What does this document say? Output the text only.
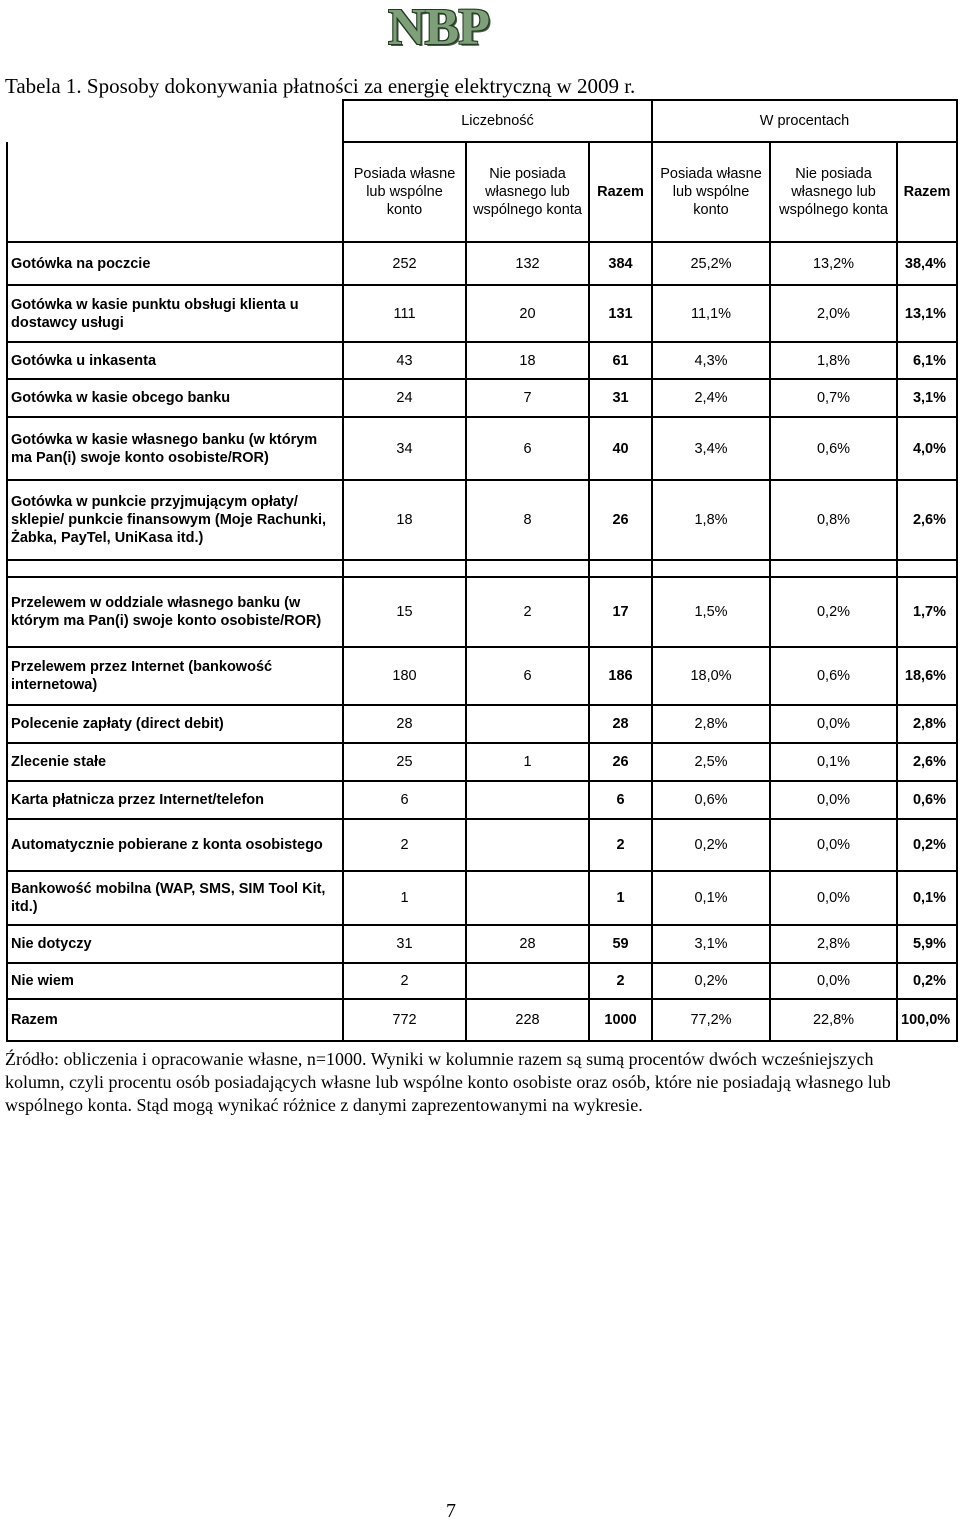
NBP
Tabela 1. Sposoby dokonywania płatności za energię elektryczną w 2009 r.
	Liczebność			W procentach		
	Posiada własne lub wspólne konto	Nie posiada własnego lub wspólnego konta	Razem	Posiada własne lub wspólne konto	Nie posiada własnego lub wspólnego konta	Razem
Gotówka na poczcie	252	132	384	25,2%	13,2%	38,4%
Gotówka w kasie punktu obsługi klienta u dostawcy usługi	111	20	131	11,1%	2,0%	13,1%
Gotówka u inkasenta	43	18	61	4,3%	1,8%	6,1%
Gotówka w kasie obcego banku	24	7	31	2,4%	0,7%	3,1%
Gotówka w kasie własnego banku (w którym ma Pan(i) swoje konto osobiste/ROR)	34	6	40	3,4%	0,6%	4,0%
Gotówka w punkcie przyjmującym opłaty/ sklepie/ punkcie finansowym (Moje Rachunki, Żabka, PayTel, UniKasa itd.)	18	8	26	1,8%	0,8%	2,6%

Przelewem w oddziale własnego banku (w którym ma Pan(i) swoje konto osobiste/ROR)	15	2	17	1,5%	0,2%	1,7%
Przelewem przez Internet (bankowość internetowa)	180	6	186	18,0%	0,6%	18,6%
Polecenie zapłaty (direct debit)	28		28	2,8%	0,0%	2,8%
Zlecenie stałe	25	1	26	2,5%	0,1%	2,6%
Karta płatnicza przez Internet/telefon	6		6	0,6%	0,0%	0,6%
Automatycznie pobierane z konta osobistego	2		2	0,2%	0,0%	0,2%
Bankowość mobilna (WAP, SMS, SIM Tool Kit, itd.)	1		1	0,1%	0,0%	0,1%
Nie dotyczy	31	28	59	3,1%	2,8%	5,9%
Nie wiem	2		2	0,2%	0,0%	0,2%
Razem	772	228	1000	77,2%	22,8%	100,0%
Źródło: obliczenia i opracowanie własne, n=1000. Wyniki w kolumnie razem są sumą procentów dwóch wcześniejszych kolumn, czyli procentu osób posiadających własne lub wspólne konto osobiste oraz osób, które nie posiadają własnego lub wspólnego konta. Stąd mogą wynikać różnice z danymi zaprezentowanymi na wykresie.
7
